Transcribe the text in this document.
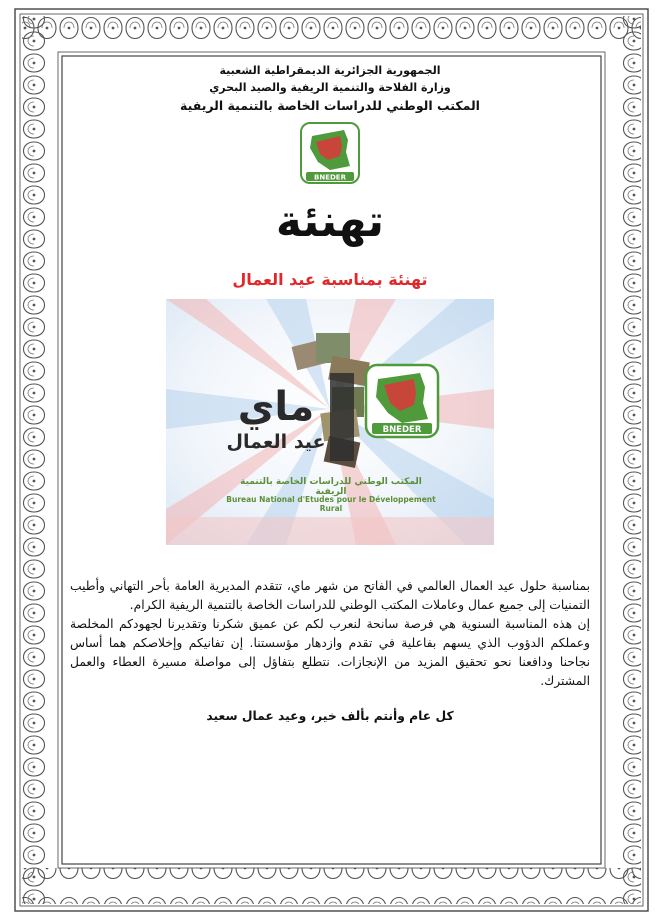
الجمهورية الجزائرية الديمقراطية الشعبية

وزارة الفلاحة والتنمية الريفية والصيد البحري

المكتب الوطني للدراسات الخاصة بالتنمية الريفية

BNEDER
تهنئة
تهنئة بمناسبة عيد العمال
BNEDER
ماي
عيد العمال
المكتب الوطني للدراسات الخاصة بالتنمية الريفية
Bureau National d'Etudes pour le Développement Rural

بمناسبة حلول عيد العمال العالمي في الفاتح من شهر ماي، تتقدم المديرية العامة بأحر التهاني وأطيب التمنيات إلى جميع عمال وعاملات المكتب الوطني للدراسات الخاصة بالتنمية الريفية الكرام.

إن هذه المناسبة السنوية هي فرصة سانحة لنعرب لكم عن عميق شكرنا وتقديرنا لجهودكم المخلصة وعملكم الدؤوب الذي يسهم بفاعلية في تقدم وازدهار مؤسستنا. إن تفانيكم وإخلاصكم هما أساس نجاحنا ودافعنا نحو تحقيق المزيد من الإنجازات. نتطلع بتفاؤل إلى مواصلة مسيرة العطاء والعمل المشترك.

كل عام وأنتم بألف خير، وعيد عمال سعيد
